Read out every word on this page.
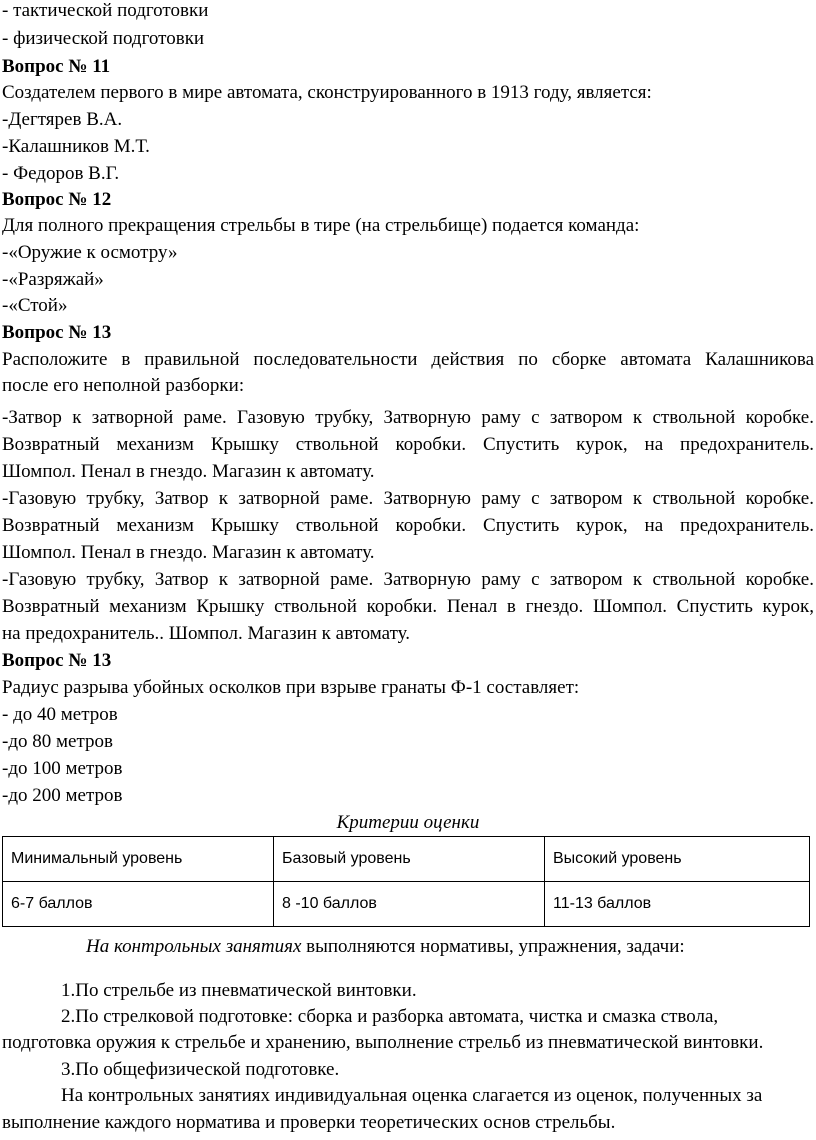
- тактической подготовки
- физической подготовки
Вопрос № 11
Создателем первого в мире автомата, сконструированного в 1913 году, является:
-Дегтярев В.А.
-Калашников М.Т.
- Федоров В.Г.
Вопрос № 12
Для полного прекращения стрельбы в тире (на стрельбище) подается команда:
-«Оружие к осмотру»
-«Разряжай»
-«Стой»
Вопрос № 13
Расположите в правильной последовательности действия по сборке автомата Калашникова
после его неполной разборки:
-Затвор к затворной раме. Газовую трубку, Затворную раму с затвором к ствольной коробке.
Возвратный механизм Крышку ствольной коробки. Спустить курок, на предохранитель.
Шомпол. Пенал в гнездо. Магазин к автомату.
-Газовую трубку, Затвор к затворной раме. Затворную раму с затвором к ствольной коробке.
Возвратный механизм Крышку ствольной коробки. Спустить курок, на предохранитель.
Шомпол. Пенал в гнездо. Магазин к автомату.
-Газовую трубку, Затвор к затворной раме. Затворную раму с затвором к ствольной коробке.
Возвратный механизм Крышку ствольной коробки. Пенал в гнездо. Шомпол. Спустить курок,
на предохранитель.. Шомпол. Магазин к автомату.
Вопрос № 13
Радиус разрыва убойных осколков при взрыве гранаты Ф-1 составляет:
- до 40 метров
-до 80 метров
-до 100 метров
-до 200 метров
Критерии оценки
Минимальный уровень	Базовый уровень	Высокий уровень
6-7 баллов	8 -10 баллов	11-13 баллов
На контрольных занятиях выполняются нормативы, упражнения, задачи:
1.По стрельбе из пневматической винтовки.
2.По стрелковой подготовке: сборка и разборка автомата, чистка и смазка ствола,
подготовка оружия к стрельбе и хранению, выполнение стрельб из пневматической винтовки.
3.По общефизической подготовке.
На контрольных занятиях индивидуальная оценка слагается из оценок, полученных за
выполнение каждого норматива и проверки теоретических основ стрельбы.
